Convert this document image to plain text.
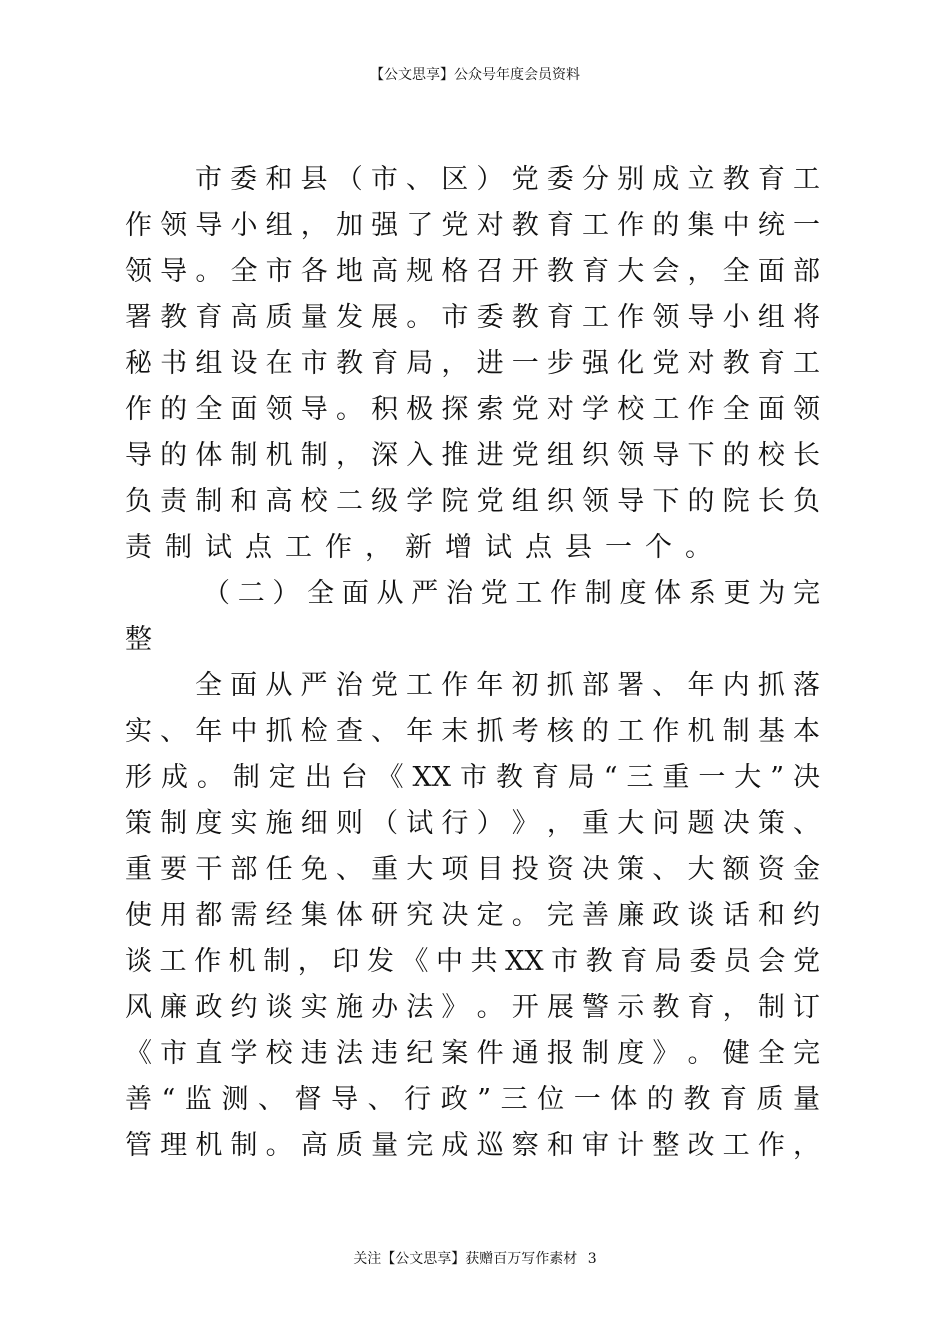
【公文思享】公众号年度会员资料
市​委​和​县​（​市​、​区​）​党​委​分​别​成​立​教​育​工
作​领​导​小​组​，​加​强​了​党​对​教​育​工​作​的​集​中​统​一
领​导​。​全​市​各​地​高​规​格​召​开​教​育​大​会​，​全​面​部
署​教​育​高​质​量​发​展​。​市​委​教​育​工​作​领​导​小​组​将
秘​书​组​设​在​市​教​育​局​，​进​一​步​强​化​党​对​教​育​工
作​的​全​面​领​导​。​积​极​探​索​党​对​学​校​工​作​全​面​领
导​的​体​制​机​制​，​深​入​推​进​党​组​织​领​导​下​的​校​长
负​责​制​和​高​校​二​级​学​院​党​组​织​领​导​下​的​院​长​负
责制试点工作，新增试点县一个。
（​二​）​全​面​从​严​治​党​工​作​制​度​体​系​更​为​完
整
全​面​从​严​治​党​工​作​年​初​抓​部​署​、​年​内​抓​落
实​、​年​中​抓​检​查​、​年​末​抓​考​核​的​工​作​机​制​基​本
形​成​。​制​定​出​台​《​X​X​市​教​育​局​“​三​重​一​大​”​决
策​制​度​实​施​细​则​（​试​行​）​》​，​重​大​问​题​决​策​、
重​要​干​部​任​免​、​重​大​项​目​投​资​决​策​、​大​额​资​金
使​用​都​需​经​集​体​研​究​决​定​。​完​善​廉​政​谈​话​和​约
谈​工​作​机​制​，​印​发​《​中​共​X​X​市​教​育​局​委​员​会​党
风​廉​政​约​谈​实​施​办​法​》​。​开​展​警​示​教​育​，​制​订
《​市​直​学​校​违​法​违​纪​案​件​通​报​制​度​》​。​健​全​完
善​“​监​测​、​督​导​、​行​政​”​三​位​一​体​的​教​育​质​量
管​理​机​制​。​高​质​量​完​成​巡​察​和​审​计​整​改​工​作​，
关注【公文思享】获赠百万写作素材 3
